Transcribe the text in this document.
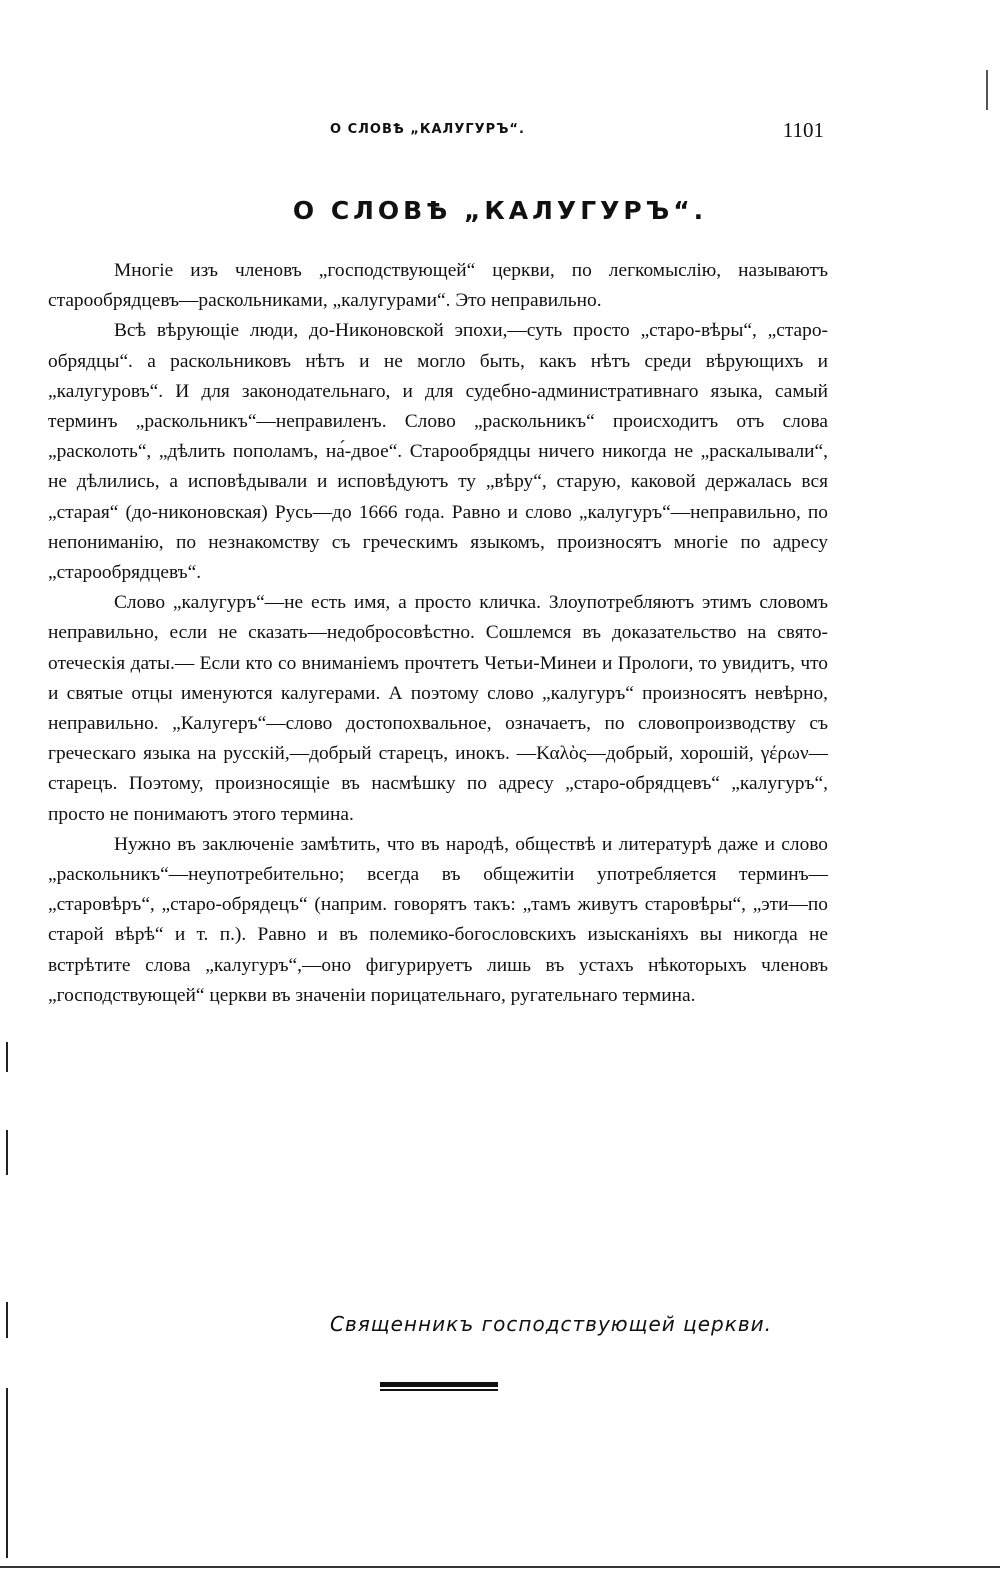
О СЛОВѢ „КАЛУГУРЪ“.	1101
О СЛОВѢ „КАЛУГУРЪ“.

Многіе изъ членовъ „господствующей“ церкви, по легкомыслію, называютъ старообрядцевъ—раскольниками, „калугурами“. Это неправильно.

Всѣ вѣрующіе люди, до-Никоновской эпохи,—суть просто „старо-вѣры“, „старо-обрядцы“. а раскольниковъ нѣтъ и не могло быть, какъ нѣтъ среди вѣрующихъ и „калугуровъ“. И для законодательнаго, и для судебно-административнаго языка, самый терминъ „раскольникъ“—неправиленъ. Слово „раскольникъ“ происходитъ отъ слова „расколоть“, „дѣлить пополамъ, на́-двое“. Старообрядцы ничего никогда не „раскалывали“, не дѣлились, а исповѣдывали и исповѣдуютъ ту „вѣру“, старую, каковой держалась вся „старая“ (до-никоновская) Русь—до 1666 года. Равно и слово „калугуръ“—неправильно, по непониманію, по незнакомству съ греческимъ языкомъ, произносятъ многіе по адресу „старообрядцевъ“.

Слово „калугуръ“—не есть имя, а просто кличка. Злоупотребляютъ этимъ словомъ неправильно, если не сказать—недобросовѣстно. Сошлемся въ доказательство на свято-отеческія даты.— Если кто со вниманіемъ прочтетъ Четьи-Минеи и Прологи, то увидитъ, что и святые отцы именуются калугерами. А поэтому слово „калугуръ“ произносятъ невѣрно, неправильно. „Калугеръ“—слово достопохвальное, означаетъ, по словопроизводству съ греческаго языка на русскій,—добрый старецъ, инокъ. —Καλὸς—добрый, хорошій, γέρων—старецъ. Поэтому, произносящіе въ насмѣшку по адресу „старо-обрядцевъ“ „калугуръ“, просто не понимаютъ этого термина.

Нужно въ заключеніе замѣтить, что въ народѣ, обществѣ и литературѣ даже и слово „раскольникъ“—неупотребительно; всегда въ общежитіи употребляется терминъ—„старовѣръ“, „старо-обрядецъ“ (наприм. говорятъ такъ: „тамъ живутъ старовѣры“, „эти—по старой вѣрѣ“ и т. п.). Равно и въ полемико-богословскихъ изысканіяхъ вы никогда не встрѣтите слова „калугуръ“,—оно фигурируетъ лишь въ устахъ нѣкоторыхъ членовъ „господствующей“ церкви въ значеніи порицательнаго, ругательнаго термина.

Священникъ господствующей церкви.
